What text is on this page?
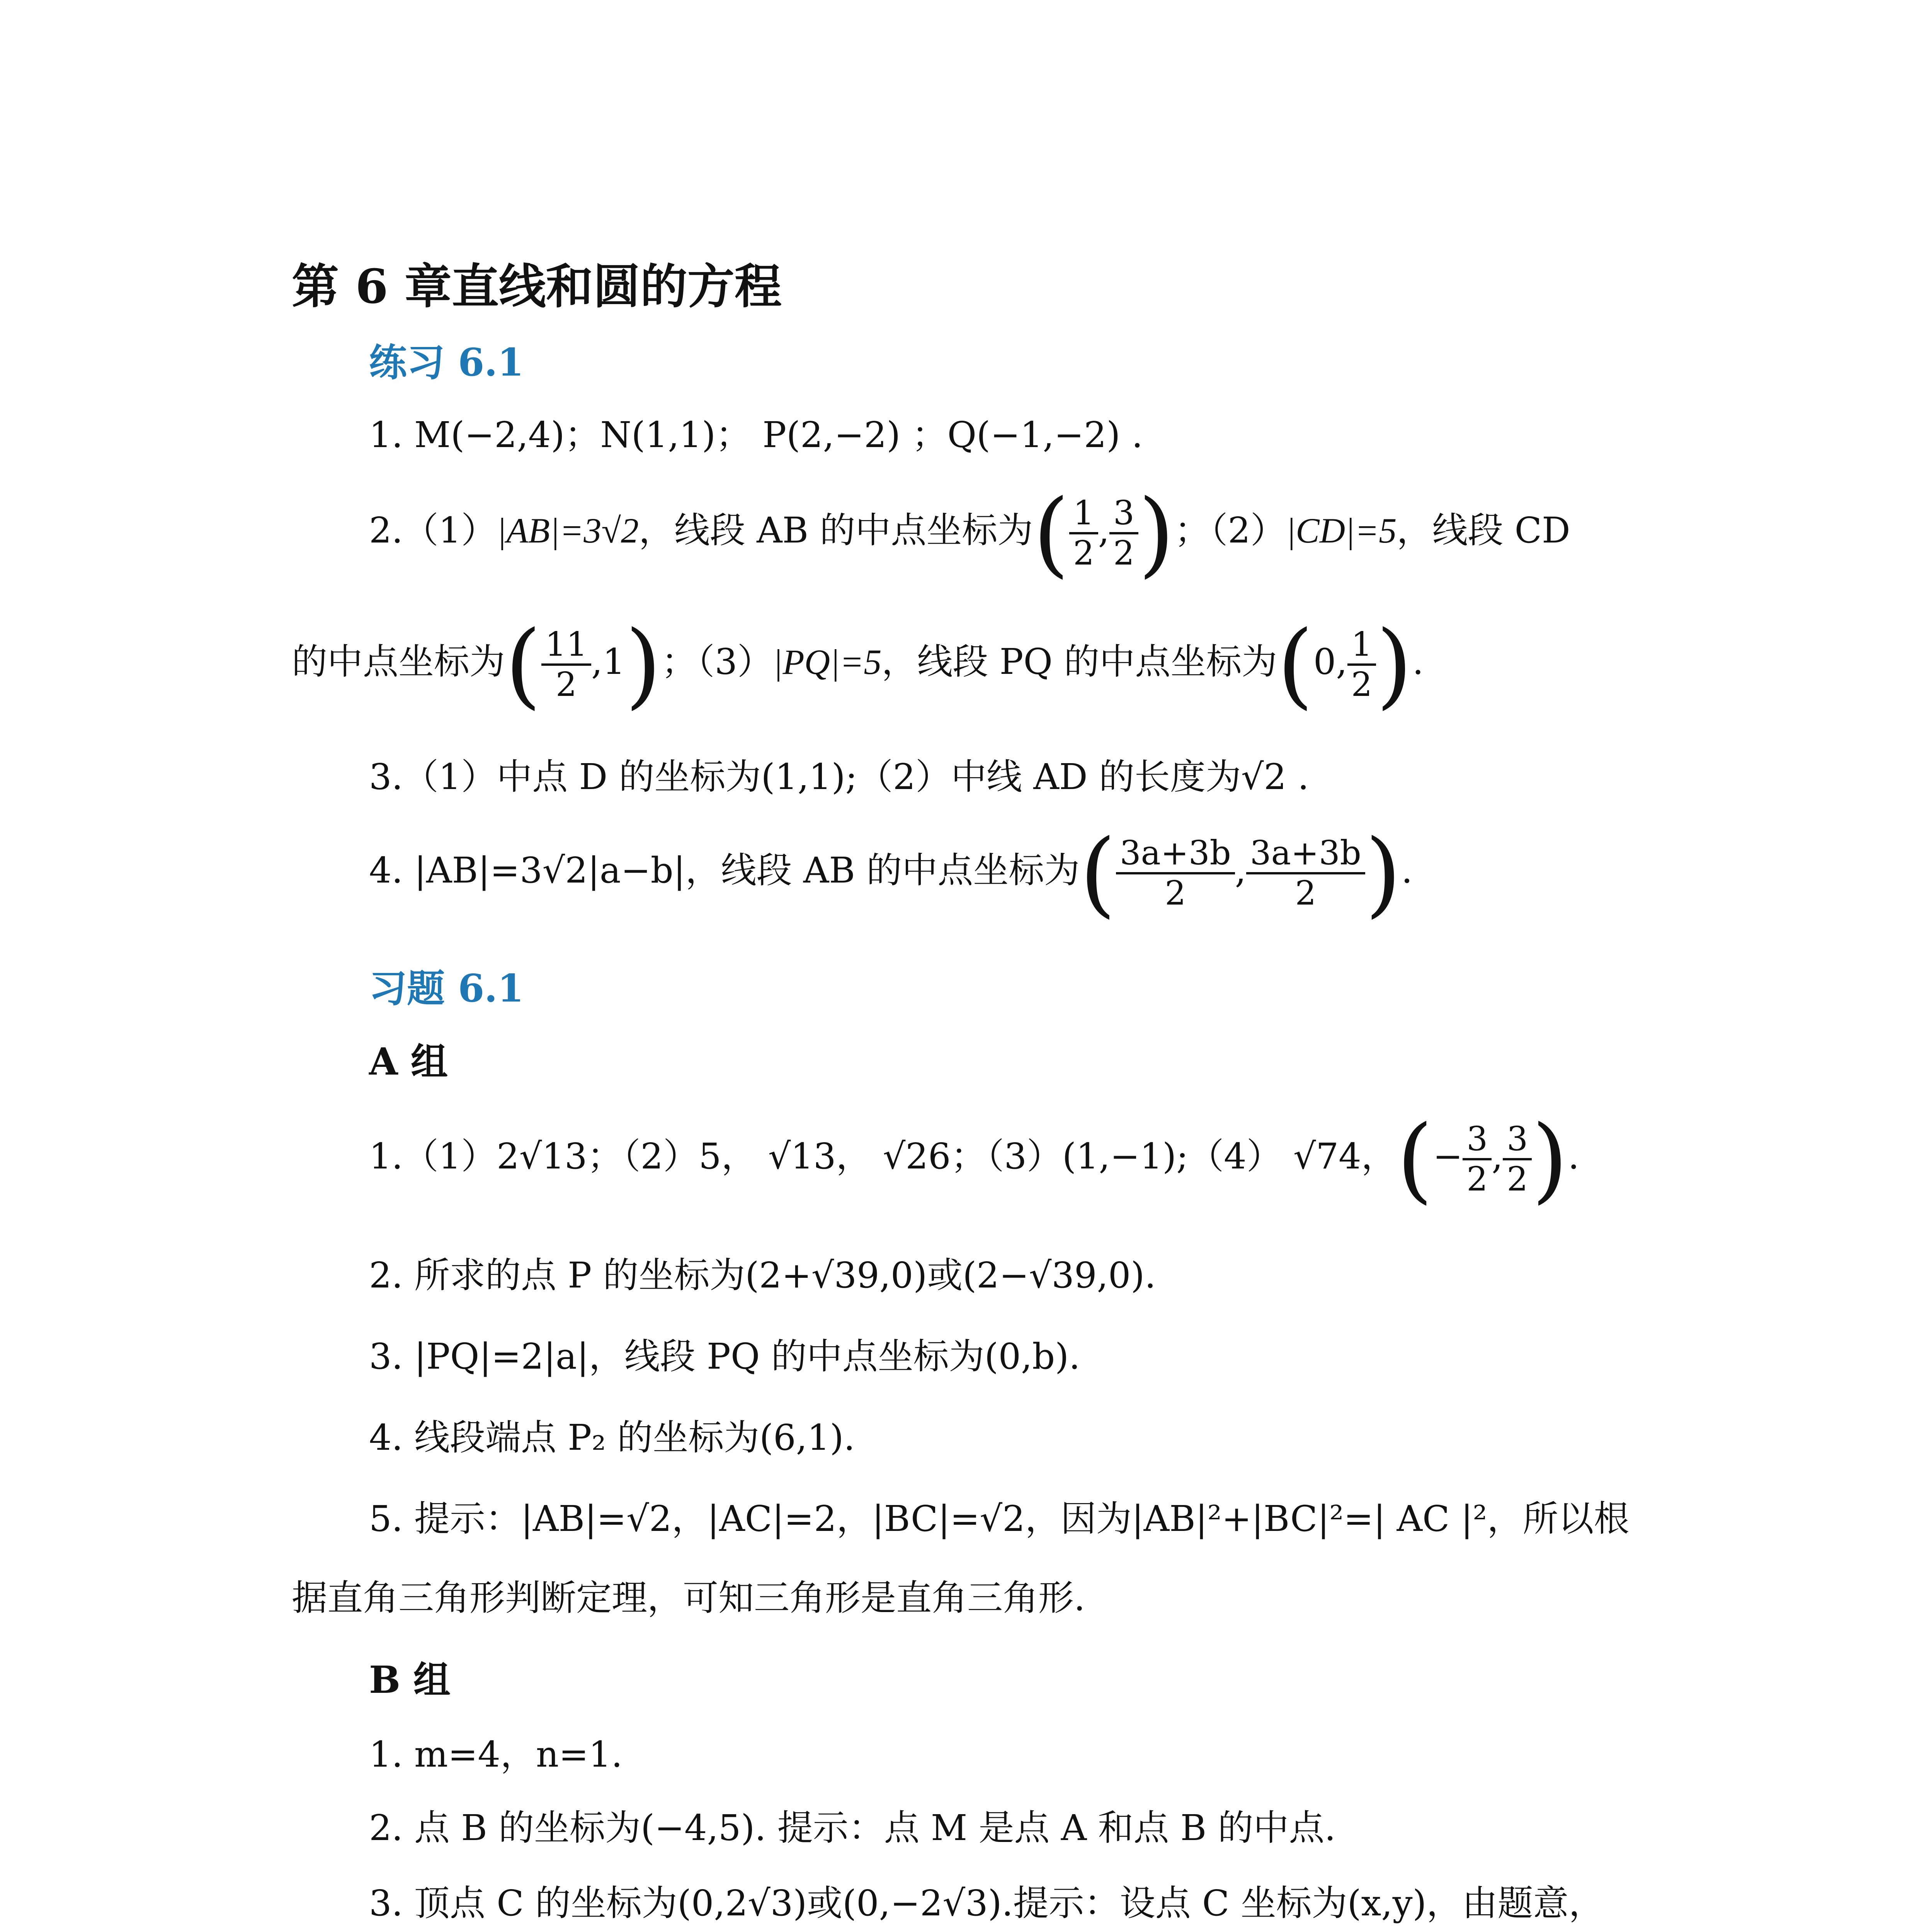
第 6 章直线和圆的方程
练习 6.1
1. M(−2,4)；N(1,1)； P(2,−2) ；Q(−1,−2) .
2.（1）|AB|=3√2，线段 AB 的中点坐标为( $\frac{1}{2}$ , $\frac{3}{2}$ )；（2）|CD|=5，线段 CD
的中点坐标为( $\frac{11}{2} ,1$)；（3）|PQ|=5，线段 PQ 的中点坐标为(0, $\frac{1}{2}$ ).
3.（1）中点 D 的坐标为(1,1);（2）中线 AD 的长度为√2 .
4. |AB|=3√2|a−b|，线段 AB 的中点坐标为( $\frac{3a+3b}{2}$ , $\frac{3a+3b}{2}$ ).
习题 6.1
A 组
1.（1）2√13；（2）5， √13， √26；（3）(1,−1);（4） √74，(− $\frac{3}{2}$ , $\frac{3}{2}$ ).
2. 所求的点 P 的坐标为(2+√39,0)或(2−√39,0).
3. |PQ|=2|a|，线段 PQ 的中点坐标为(0,b).
4. 线段端点 P₂ 的坐标为(6,1).
5. 提示：|AB|=√2，|AC|=2，|BC|=√2，因为|AB|²+|BC|²=| AC |²，所以根
据直角三角形判断定理，可知三角形是直角三角形.
B 组
1. m=4，n=1.
2. 点 B 的坐标为(−4,5). 提示：点 M 是点 A 和点 B 的中点.
3. 顶点 C 的坐标为(0,2√3)或(0,−2√3).提示：设点 C 坐标为(x,y)，由题意，
